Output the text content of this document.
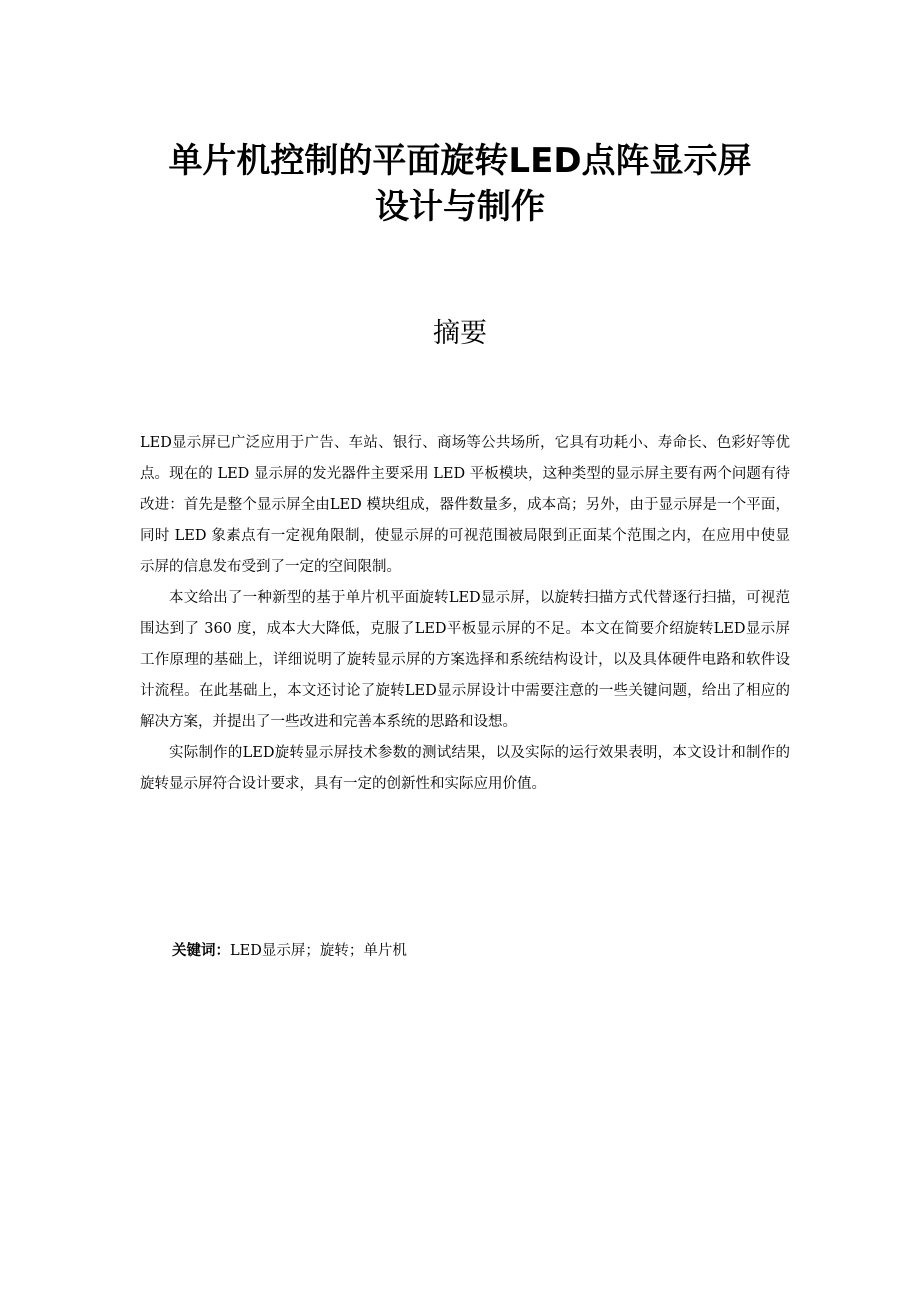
单片机控制的平面旋转LED点阵显示屏
设计与制作
摘要

LED显示屏已广泛应用于广告、车站、银行、商场等公共场所，它具有功耗小、寿命长、色彩好等优点。现在的 LED 显示屏的发光器件主要采用 LED 平板模块，这种类型的显示屏主要有两个问题有待改进：首先是整个显示屏全由LED 模块组成，器件数量多，成本高；另外，由于显示屏是一个平面，同时 LED 象素点有一定视角限制，使显示屏的可视范围被局限到正面某个范围之内，在应用中使显示屏的信息发布受到了一定的空间限制。

本文给出了一种新型的基于单片机平面旋转LED显示屏，以旋转扫描方式代替逐行扫描，可视范围达到了 360 度，成本大大降低，克服了LED平板显示屏的不足。本文在简要介绍旋转LED显示屏工作原理的基础上，详细说明了旋转显示屏的方案选择和系统结构设计，以及具体硬件电路和软件设计流程。在此基础上，本文还讨论了旋转LED显示屏设计中需要注意的一些关键问题，给出了相应的解决方案，并提出了一些改进和完善本系统的思路和设想。

实际制作的LED旋转显示屏技术参数的测试结果，以及实际的运行效果表明，本文设计和制作的旋转显示屏符合设计要求，具有一定的创新性和实际应用价值。

关键词：LED显示屏；旋转；单片机
